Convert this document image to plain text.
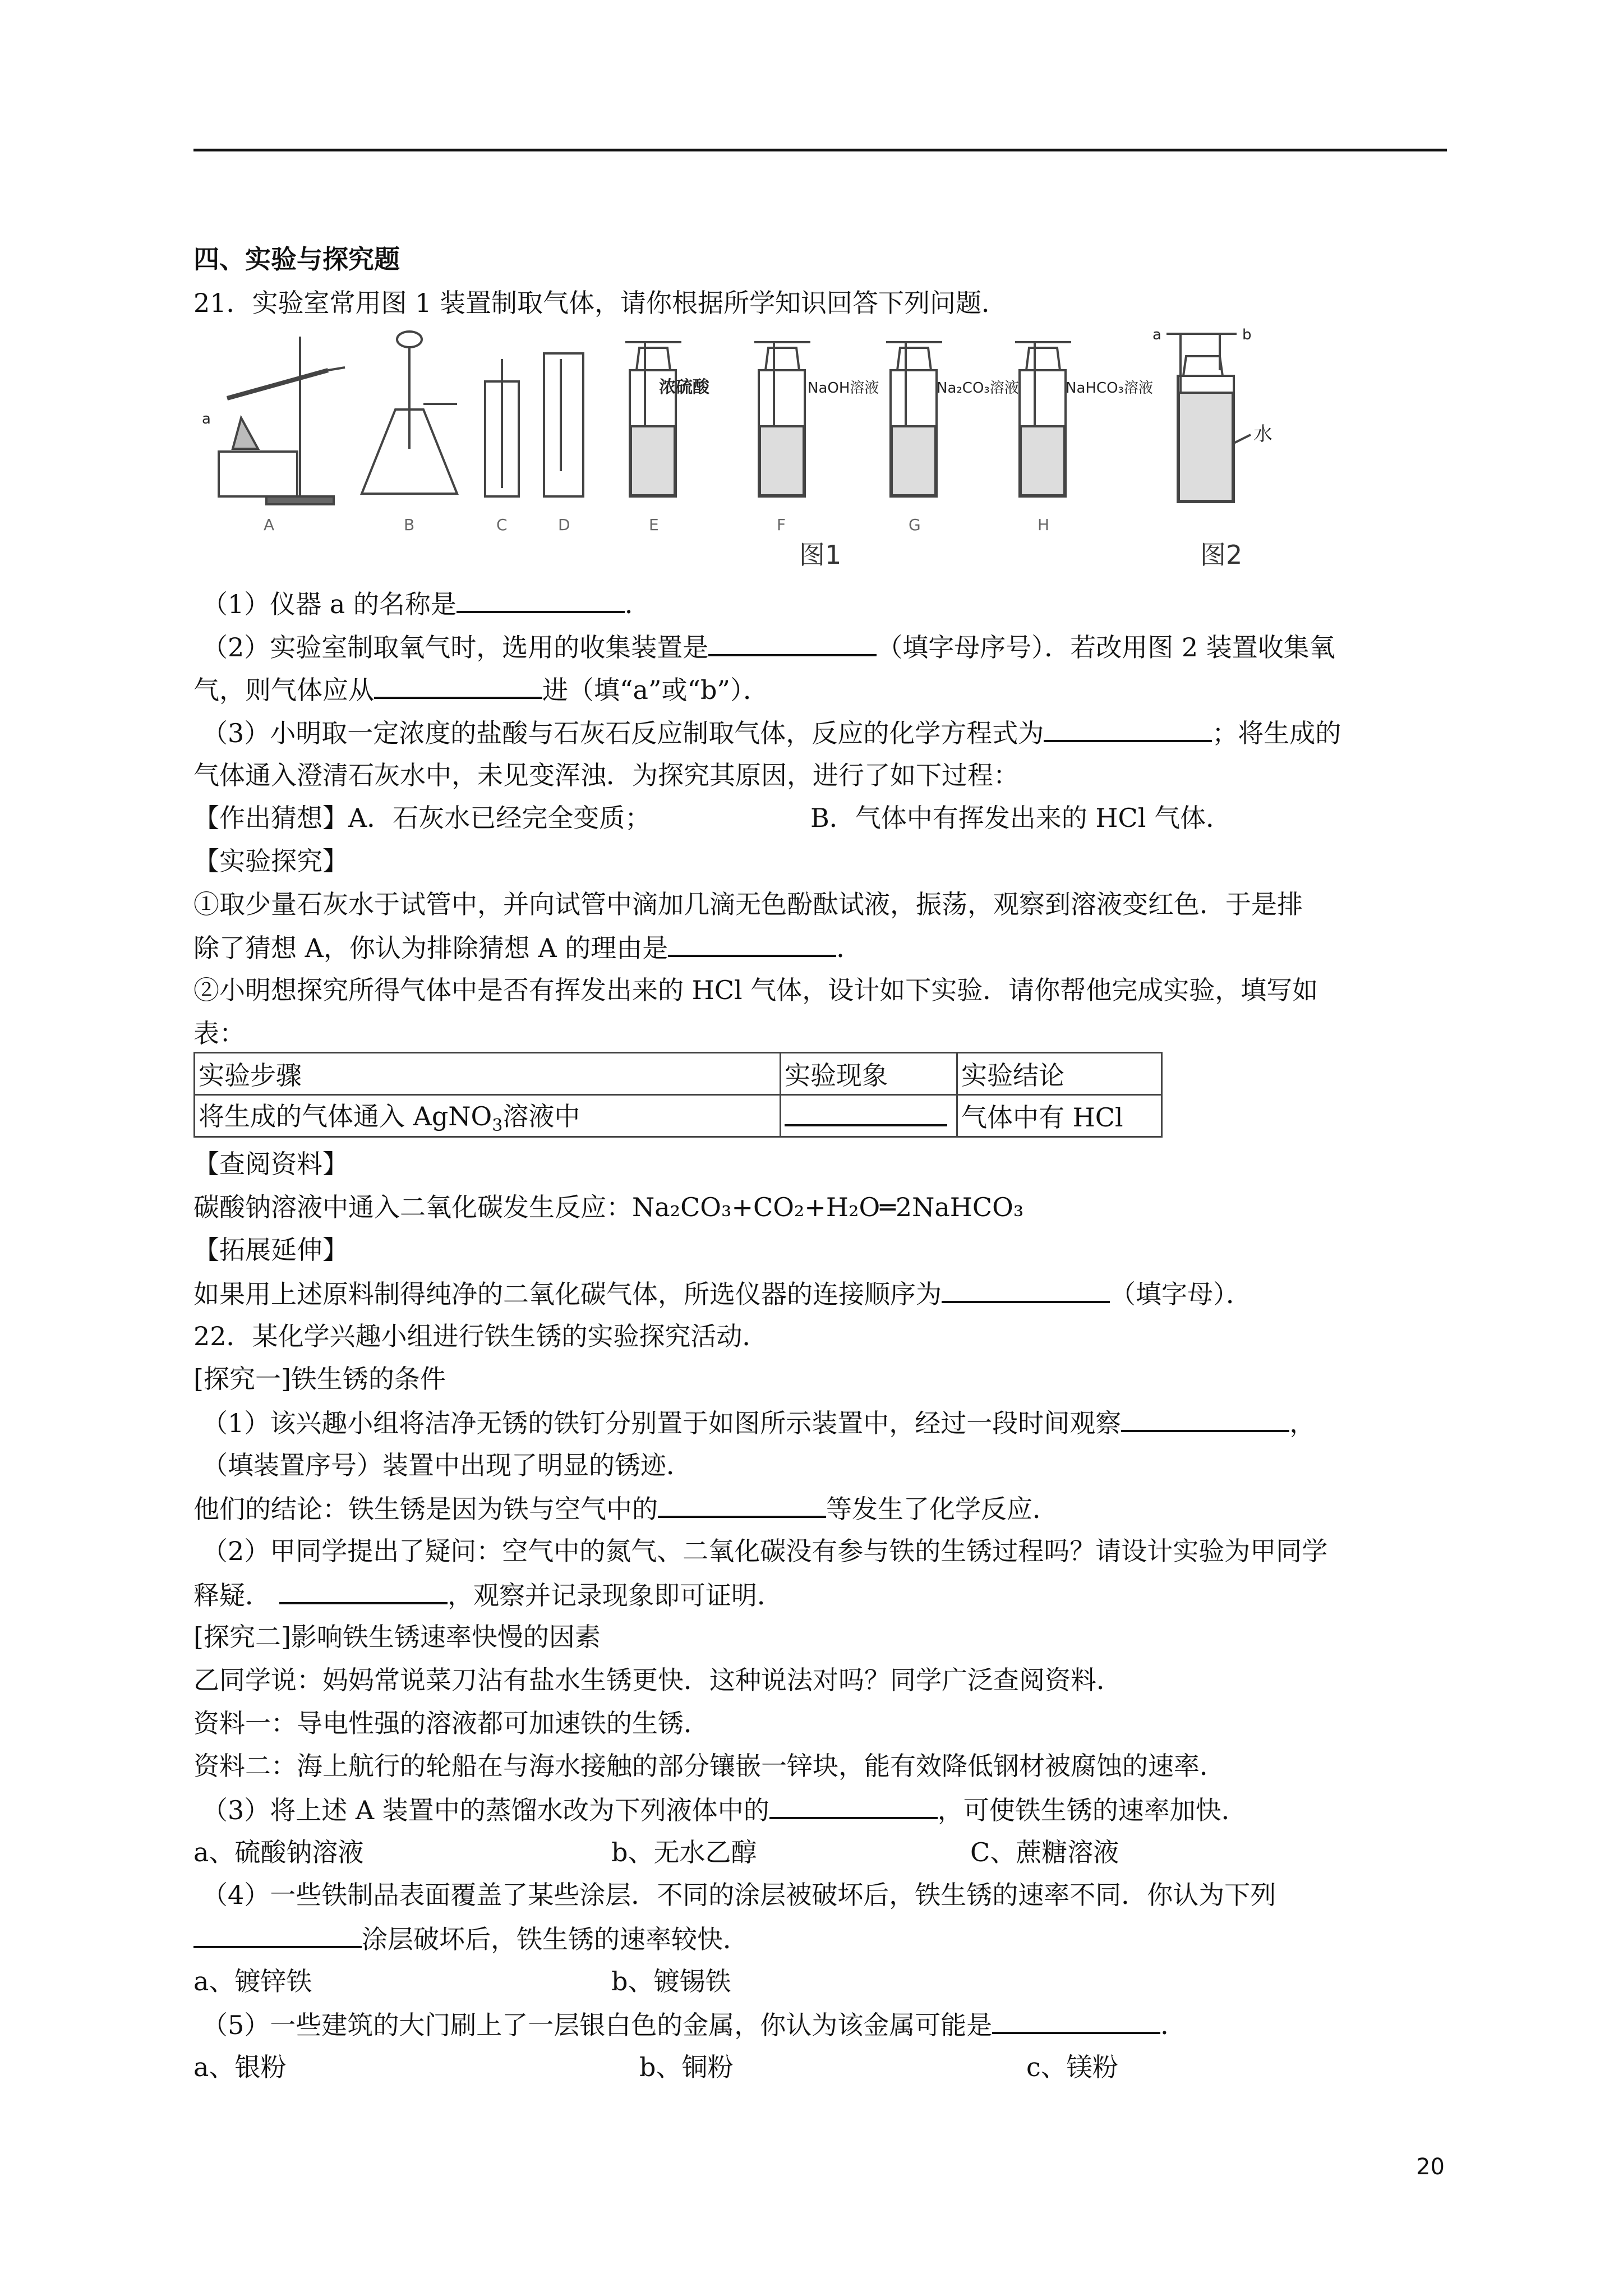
四、实验与探究题
21．实验室常用图 1 装置制取气体，请你根据所学知识回答下列问题．
浓硫酸	NaOH溶液	Na₂CO₃溶液	NaHCO₃溶液
a
a	b
水
A	B	C	D	E	F	G	H
图1	图2
（1）仪器 a 的名称是	．
（2）实验室制取氧气时，选用的收集装置是	（填字母序号）．若改用图 2 装置收集氧
气，则气体应从	进（填“a”或“b”）．
（3）小明取一定浓度的盐酸与石灰石反应制取气体，反应的化学方程式为	；将生成的
气体通入澄清石灰水中，未见变浑浊．为探究其原因，进行了如下过程：
【作出猜想】A．石灰水已经完全变质；	B．气体中有挥发出来的 HCl 气体．
【实验探究】
①取少量石灰水于试管中，并向试管中滴加几滴无色酚酞试液，振荡，观察到溶液变红色．于是排
除了猜想 A，你认为排除猜想 A 的理由是	．
②小明想探究所得气体中是否有挥发出来的 HCl 气体，设计如下实验．请你帮他完成实验，填写如
表：
实验步骤	实验现象	实验结论
将生成的气体通入 AgNO$_3$溶液中		气体中有 HCl
【查阅资料】
碳酸钠溶液中通入二氧化碳发生反应：Na₂CO₃+CO₂+H₂O═2NaHCO₃
【拓展延伸】
如果用上述原料制得纯净的二氧化碳气体，所选仪器的连接顺序为	（填字母）．
22．某化学兴趣小组进行铁生锈的实验探究活动．
[探究一]铁生锈的条件
（1）该兴趣小组将洁净无锈的铁钉分别置于如图所示装置中，经过一段时间观察	，
（填装置序号）装置中出现了明显的锈迹．
他们的结论：铁生锈是因为铁与空气中的	等发生了化学反应．
（2）甲同学提出了疑问：空气中的氮气、二氧化碳没有参与铁的生锈过程吗？请设计实验为甲同学
释疑．	，观察并记录现象即可证明．
[探究二]影响铁生锈速率快慢的因素
乙同学说：妈妈常说菜刀沾有盐水生锈更快．这种说法对吗？同学广泛查阅资料．
资料一：导电性强的溶液都可加速铁的生锈．
资料二：海上航行的轮船在与海水接触的部分镶嵌一锌块，能有效降低钢材被腐蚀的速率．
（3）将上述 A 装置中的蒸馏水改为下列液体中的	，可使铁生锈的速率加快．
a、硫酸钠溶液	b、无水乙醇	C、蔗糖溶液
（4）一些铁制品表面覆盖了某些涂层．不同的涂层被破坏后，铁生锈的速率不同．你认为下列
涂层破坏后，铁生锈的速率较快．
a、镀锌铁	b、镀锡铁
（5）一些建筑的大门刷上了一层银白色的金属，你认为该金属可能是	．
a、银粉	b、铜粉	c、镁粉
20
